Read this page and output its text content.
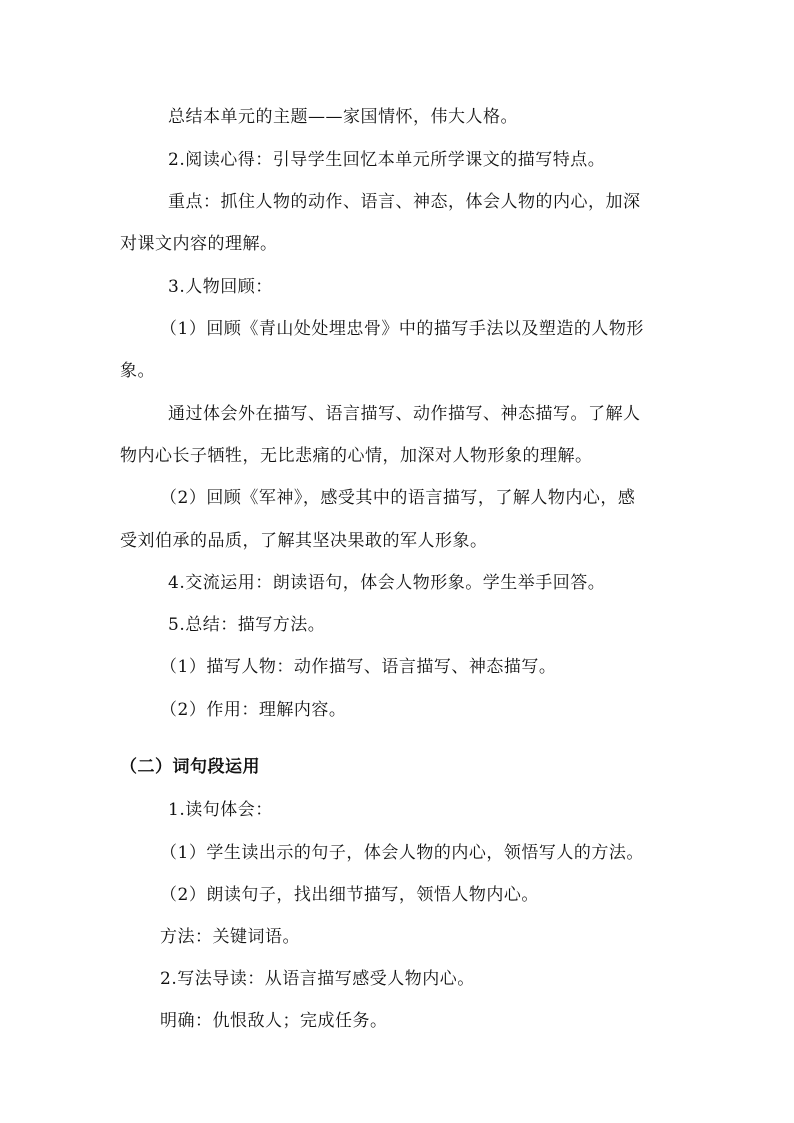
总结本单元的主题——家国情怀，伟大人格。
2.阅读心得：引导学生回忆本单元所学课文的描写特点。
重点：抓住人物的动作、语言、神态，体会人物的内心，加深
对课文内容的理解。
3.人物回顾：
（1）回顾《青山处处埋忠骨》中的描写手法以及塑造的人物形
象。
通过体会外在描写、语言描写、动作描写、神态描写。了解人
物内心长子牺牲，无比悲痛的心情，加深对人物形象的理解。
（2）回顾《军神》，感受其中的语言描写，了解人物内心，感
受刘伯承的品质，了解其坚决果敢的军人形象。
4.交流运用：朗读语句，体会人物形象。学生举手回答。
5.总结：描写方法。
（1）描写人物：动作描写、语言描写、神态描写。
（2）作用：理解内容。
（二）词句段运用
1.读句体会：
（1）学生读出示的句子，体会人物的内心，领悟写人的方法。
（2）朗读句子，找出细节描写，领悟人物内心。
方法：关键词语。
2.写法导读：从语言描写感受人物内心。
明确：仇恨敌人；完成任务。
